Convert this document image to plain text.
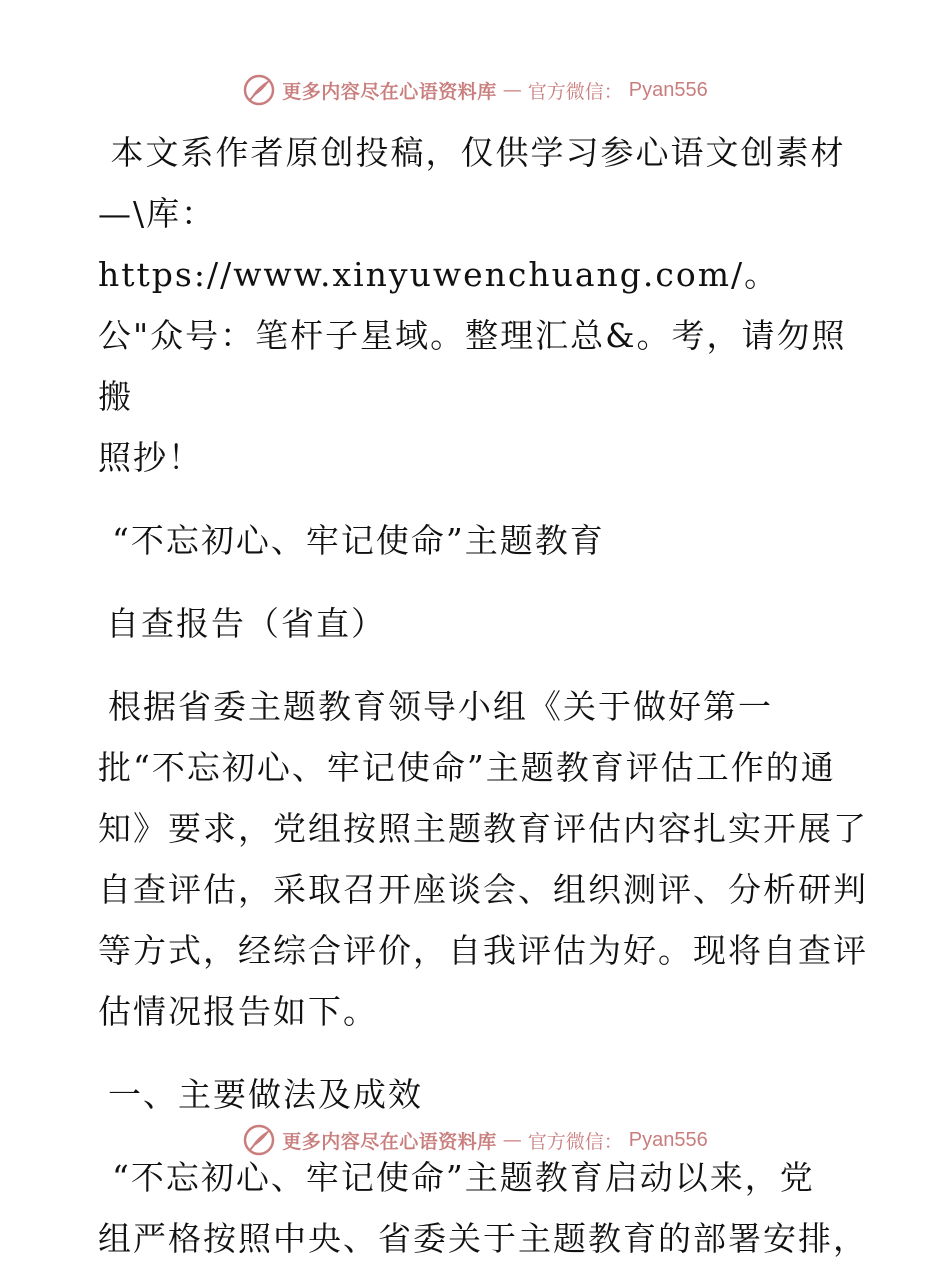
更多内容尽在心语资料库 — 官方微信： Pyan556
本文系作者原创投稿，仅供学习参心语文创素材
—\库：https://www.xinyuwenchuang.com/。
公"众号：笔杆子星域。整理汇总&。考，请勿照搬
照抄！
“不忘初心、牢记使命”主题教育
自查报告（省直）
根据省委主题教育领导小组《关于做好第一
批“不忘初心、牢记使命”主题教育评估工作的通
知》要求，党组按照主题教育评估内容扎实开展了
自查评估，采取召开座谈会、组织测评、分析研判
等方式，经综合评价，自我评估为好。现将自查评
估情况报告如下。
一、主要做法及成效
“不忘初心、牢记使命”主题教育启动以来，党
组严格按照中央、省委关于主题教育的部署安排，
更多内容尽在心语资料库 — 官方微信： Pyan556
